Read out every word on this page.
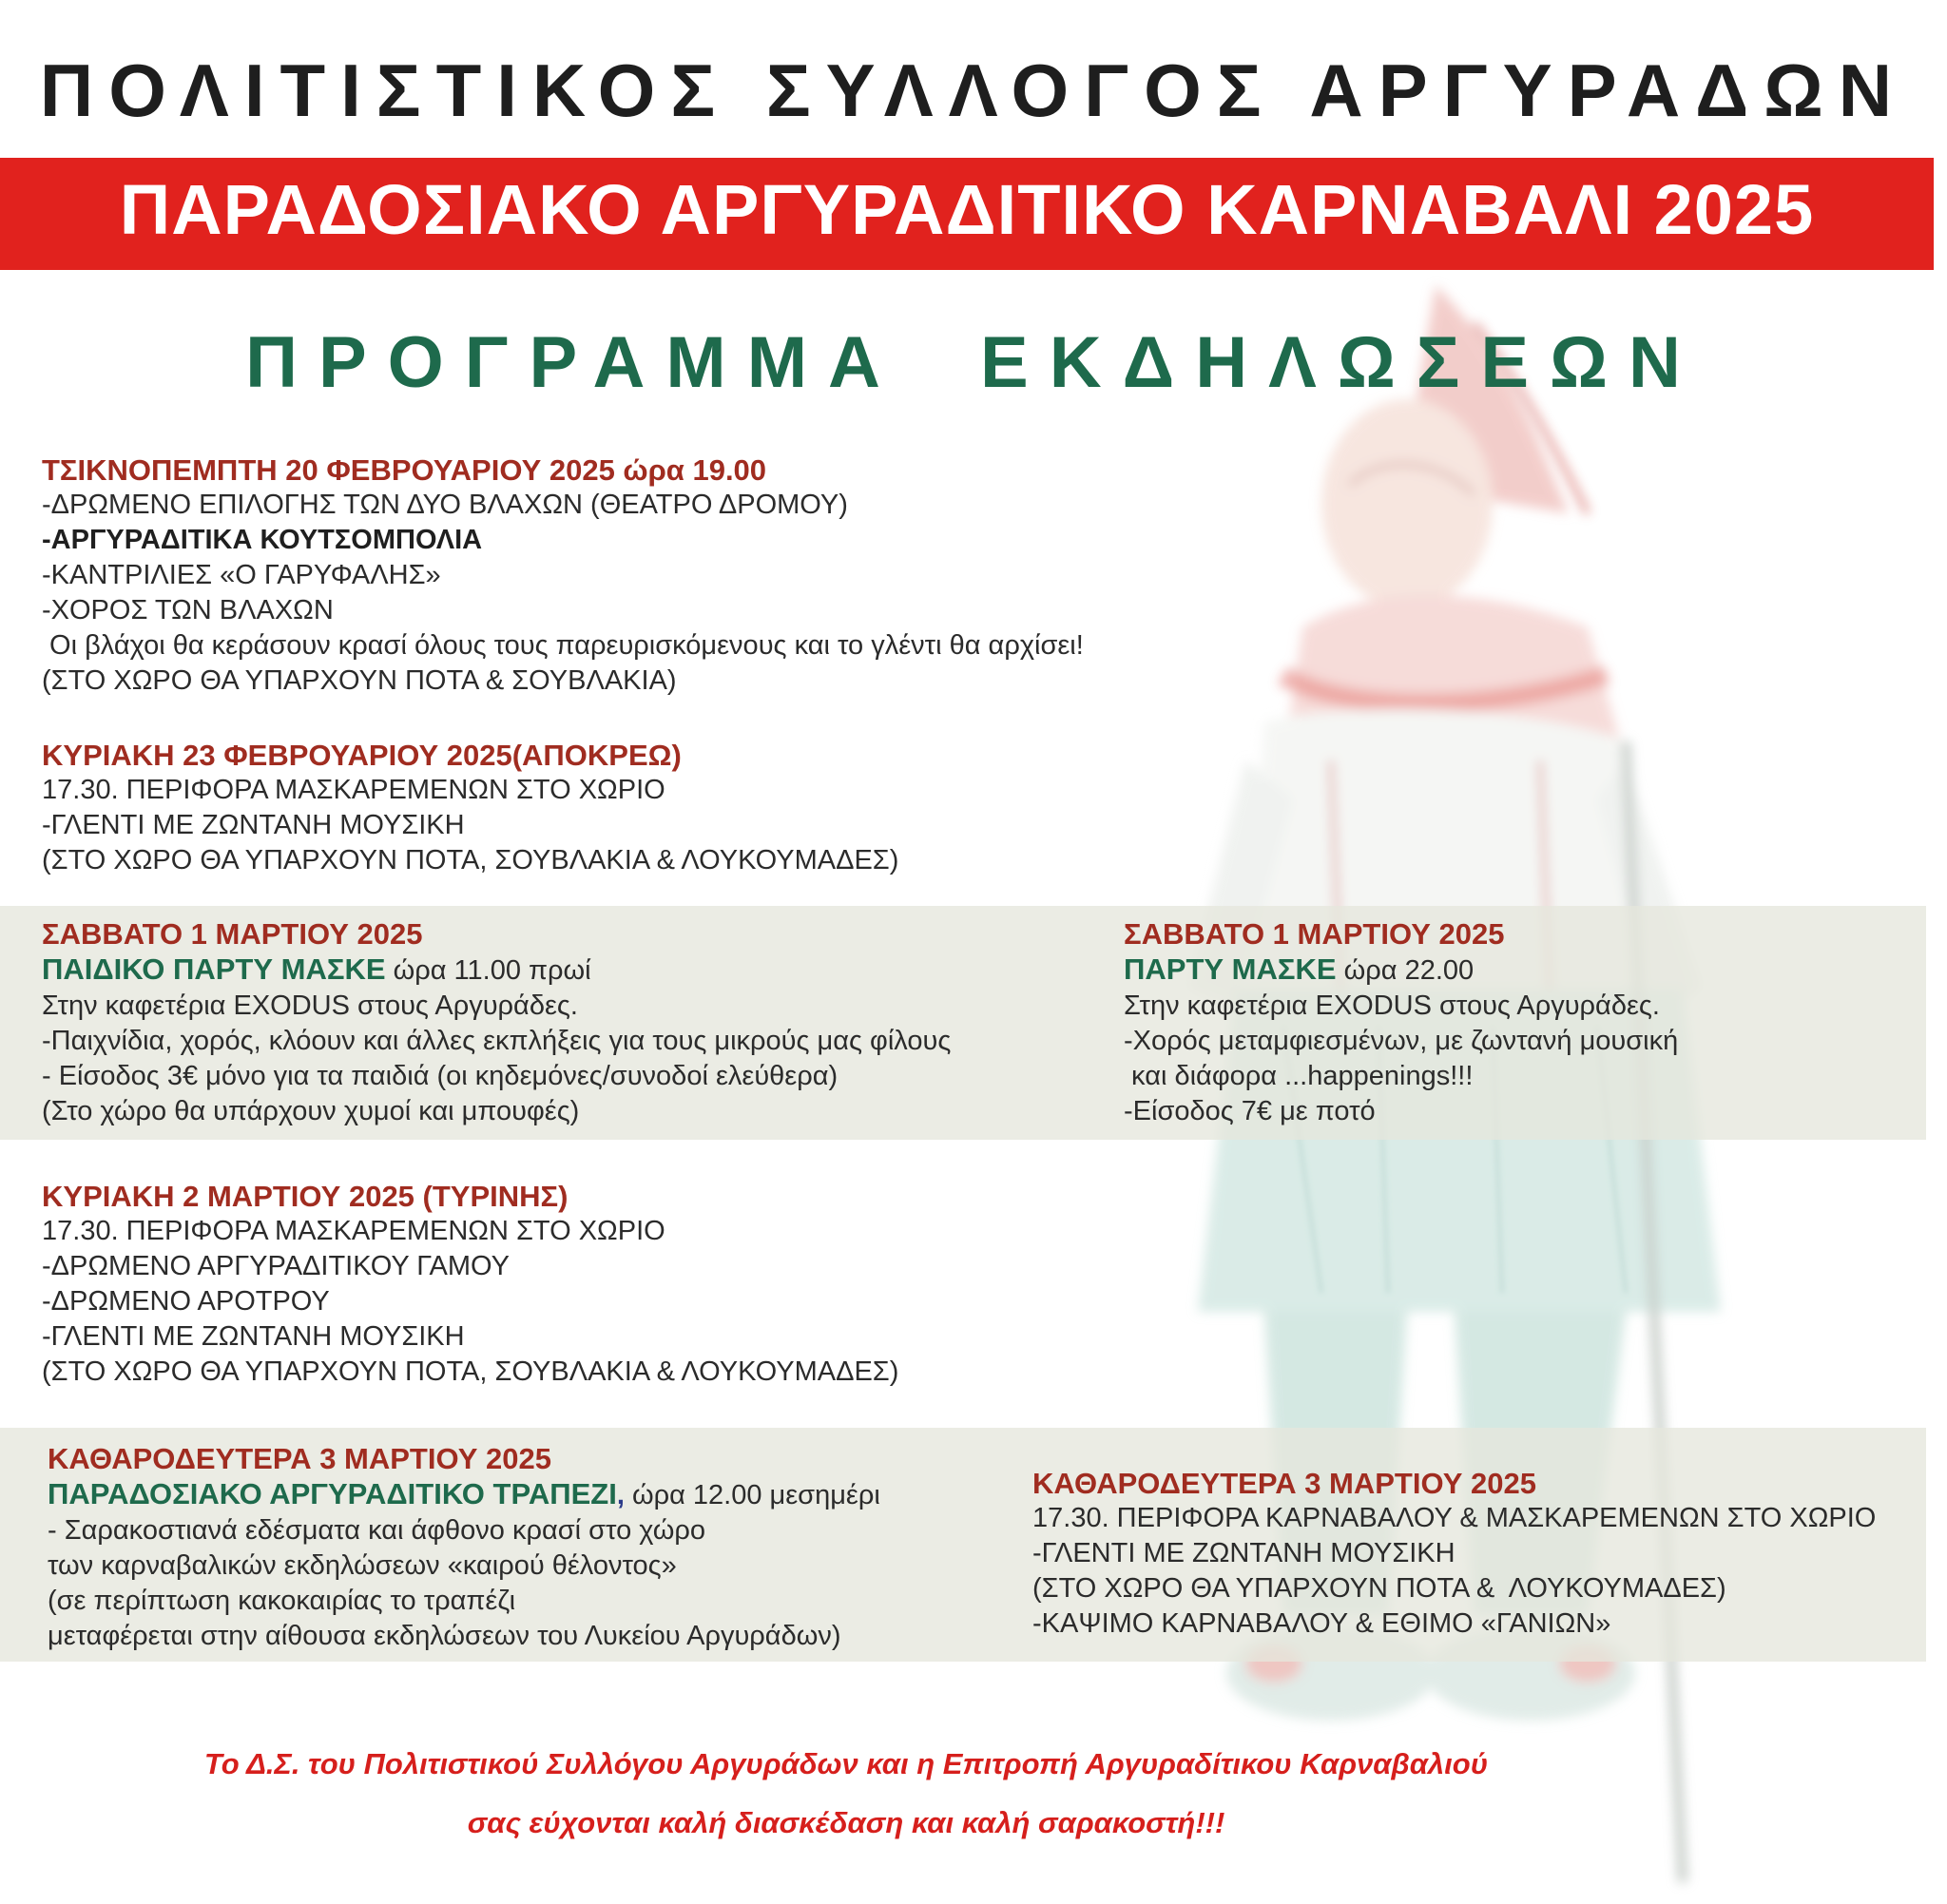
ΠΟΛΙΤΙΣΤΙΚΟΣ ΣΥΛΛΟΓΟΣ ΑΡΓΥΡΑΔΩΝ
ΠΑΡΑΔΟΣΙΑΚΟ ΑΡΓΥΡΑΔΙΤΙΚΟ ΚΑΡΝΑΒΑΛΙ 2025
ΠΡΟΓΡΑΜΜΑ ΕΚΔΗΛΩΣΕΩΝ
ΤΣΙΚΝΟΠΕΜΠΤΗ 20 ΦΕΒΡΟΥΑΡΙΟΥ 2025 ώρα 19.00
-ΔΡΩΜΕΝΟ ΕΠΙΛΟΓΗΣ ΤΩΝ ΔΥΟ ΒΛΑΧΩΝ (ΘΕΑΤΡΟ ΔΡΟΜΟΥ)
-ΑΡΓΥΡΑΔΙΤΙΚΑ ΚΟΥΤΣΟΜΠΟΛΙΑ
-ΚΑΝΤΡΙΛΙΕΣ «Ο ΓΑΡΥΦΑΛΗΣ»
-ΧΟΡΟΣ ΤΩΝ ΒΛΑΧΩΝ
Οι βλάχοι θα κεράσουν κρασί όλους τους παρευρισκόμενους και το γλέντι θα αρχίσει!
(ΣΤΟ ΧΩΡΟ ΘΑ ΥΠΑΡΧΟΥΝ ΠΟΤΑ & ΣΟΥΒΛΑΚΙΑ)
ΚΥΡΙΑΚΗ 23 ΦΕΒΡΟΥΑΡΙΟΥ 2025(ΑΠΟΚΡΕΩ)
17.30. ΠΕΡΙΦΟΡΑ ΜΑΣΚΑΡΕΜΕΝΩΝ ΣΤΟ ΧΩΡΙΟ
-ΓΛΕΝΤΙ ΜΕ ΖΩΝΤΑΝΗ ΜΟΥΣΙΚΗ
(ΣΤΟ ΧΩΡΟ ΘΑ ΥΠΑΡΧΟΥΝ ΠΟΤΑ, ΣΟΥΒΛΑΚΙΑ & ΛΟΥΚΟΥΜΑΔΕΣ)
ΣΑΒΒΑΤΟ 1 ΜΑΡΤΙΟΥ 2025
ΠΑΙΔΙΚΟ ΠΑΡΤΥ ΜΑΣΚΕ ώρα 11.00 πρωί
Στην καφετέρια EXODUS στους Αργυράδες.
-Παιχνίδια, χορός, κλόουν και άλλες εκπλήξεις για τους μικρούς μας φίλους
- Είσοδος 3€ μόνο για τα παιδιά (οι κηδεμόνες/συνοδοί ελεύθερα)
(Στο χώρο θα υπάρχουν χυμοί και μπουφές)
ΣΑΒΒΑΤΟ 1 ΜΑΡΤΙΟΥ 2025
ΠΑΡΤΥ ΜΑΣΚΕ ώρα 22.00
Στην καφετέρια EXODUS στους Αργυράδες.
-Χορός μεταμφιεσμένων, με ζωντανή μουσική
και διάφορα ...happenings!!!
-Είσοδος 7€ με ποτό
ΚΥΡΙΑΚΗ 2 ΜΑΡΤΙΟΥ 2025 (ΤΥΡΙΝΗΣ)
17.30. ΠΕΡΙΦΟΡΑ ΜΑΣΚΑΡΕΜΕΝΩΝ ΣΤΟ ΧΩΡΙΟ
-ΔΡΩΜΕΝΟ ΑΡΓΥΡΑΔΙΤΙΚΟΥ ΓΑΜΟΥ
-ΔΡΩΜΕΝΟ ΑΡΟΤΡΟΥ
-ΓΛΕΝΤΙ ΜΕ ΖΩΝΤΑΝΗ ΜΟΥΣΙΚΗ
(ΣΤΟ ΧΩΡΟ ΘΑ ΥΠΑΡΧΟΥΝ ΠΟΤΑ, ΣΟΥΒΛΑΚΙΑ & ΛΟΥΚΟΥΜΑΔΕΣ)
ΚΑΘΑΡΟΔΕΥΤΕΡΑ 3 ΜΑΡΤΙΟΥ 2025
ΠΑΡΑΔΟΣΙΑΚΟ ΑΡΓΥΡΑΔΙΤΙΚΟ ΤΡΑΠΕΖΙ, ώρα 12.00 μεσημέρι
- Σαρακοστιανά εδέσματα και άφθονο κρασί στο χώρο
των καρναβαλικών εκδηλώσεων «καιρού θέλοντος»
(σε περίπτωση κακοκαιρίας το τραπέζι
μεταφέρεται στην αίθουσα εκδηλώσεων του Λυκείου Αργυράδων)
ΚΑΘΑΡΟΔΕΥΤΕΡΑ 3 ΜΑΡΤΙΟΥ 2025
17.30. ΠΕΡΙΦΟΡΑ ΚΑΡΝΑΒΑΛΟΥ & ΜΑΣΚΑΡΕΜΕΝΩΝ ΣΤΟ ΧΩΡΙΟ
-ΓΛΕΝΤΙ ΜΕ ΖΩΝΤΑΝΗ ΜΟΥΣΙΚΗ
(ΣΤΟ ΧΩΡΟ ΘΑ ΥΠΑΡΧΟΥΝ ΠΟΤΑ &  ΛΟΥΚΟΥΜΑΔΕΣ)
-ΚΑΨΙΜΟ ΚΑΡΝΑΒΑΛΟΥ & ΕΘΙΜΟ «ΓΑΝΙΩΝ»
Το Δ.Σ. του Πολιτιστικού Συλλόγου Αργυράδων και η Επιτροπή Αργυραδίτικου Καρναβαλιού
σας εύχονται καλή διασκέδαση και καλή σαρακοστή!!!
